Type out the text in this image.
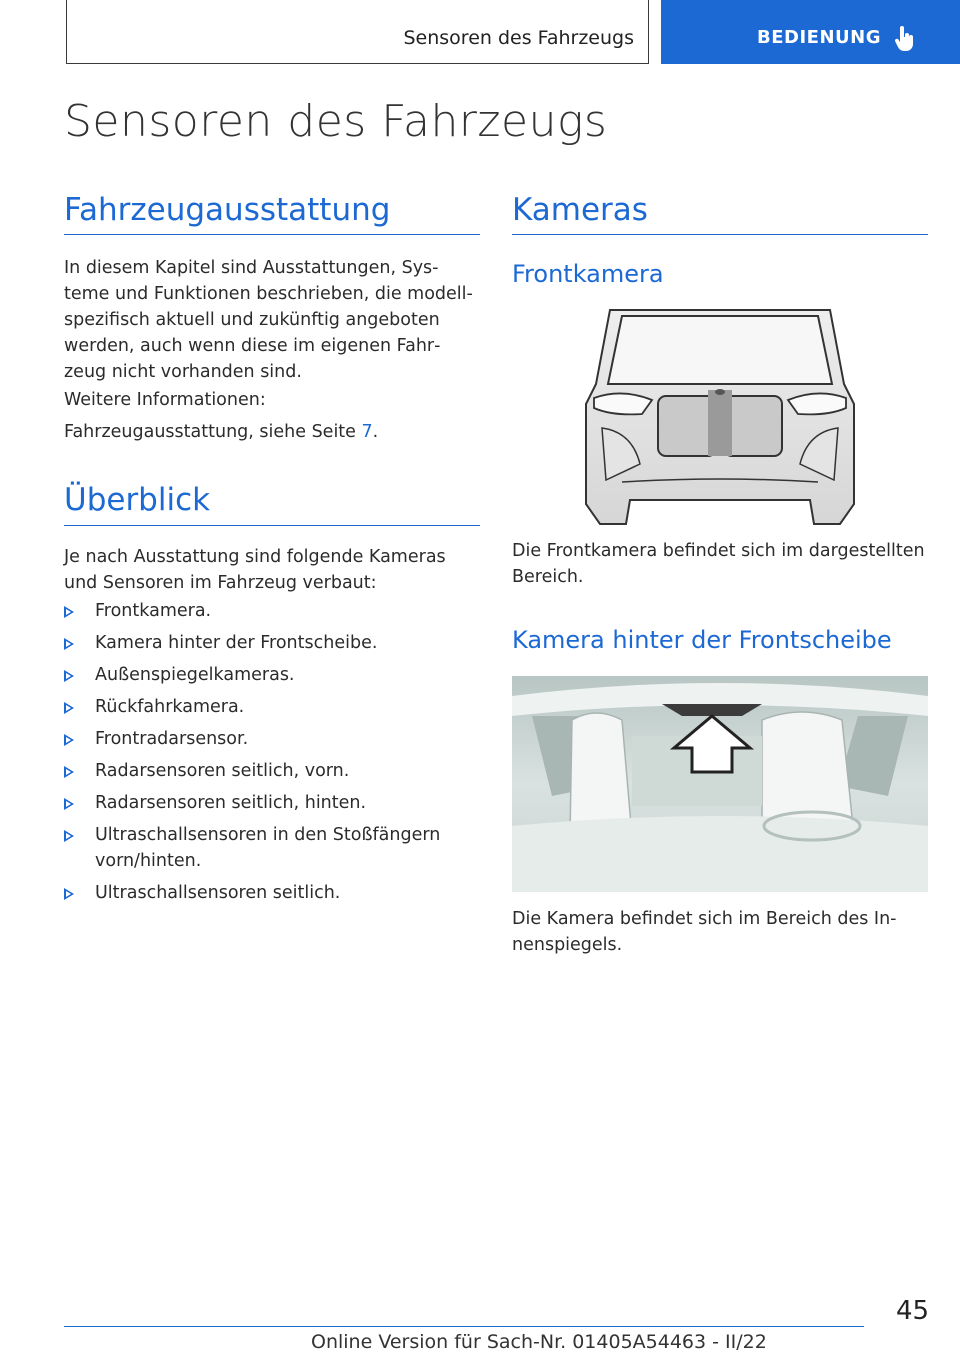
Sensoren des Fahrzeugs	BEDIENUNG
Sensoren des Fahrzeugs
Fahrzeugausstattung

In diesem Kapitel sind Ausstattungen, Sys‐
teme und Funktionen beschrieben, die modell‐
spezifisch aktuell und zukünftig angeboten
werden, auch wenn diese im eigenen Fahr‐
zeug nicht vorhanden sind.

Weitere Informationen:

Fahrzeugausstattung, siehe Seite 7.

Überblick

Je nach Ausstattung sind folgende Kameras
und Sensoren im Fahrzeug verbaut:

Frontkamera.
Kamera hinter der Frontscheibe.
Außenspiegelkameras.
Rückfahrkamera.
Frontradarsensor.
Radarsensoren seitlich, vorn.
Radarsensoren seitlich, hinten.
Ultraschallsensoren in den Stoßfängern
vorn/hinten.
Ultraschallsensoren seitlich.
Kameras
Frontkamera

Die Frontkamera befindet sich im dargestellten
Bereich.

Kamera hinter der Frontscheibe

Die Kamera befindet sich im Bereich des In‐
nenspiegels.

45
Online Version für Sach-Nr. 01405A54463 - II/22
